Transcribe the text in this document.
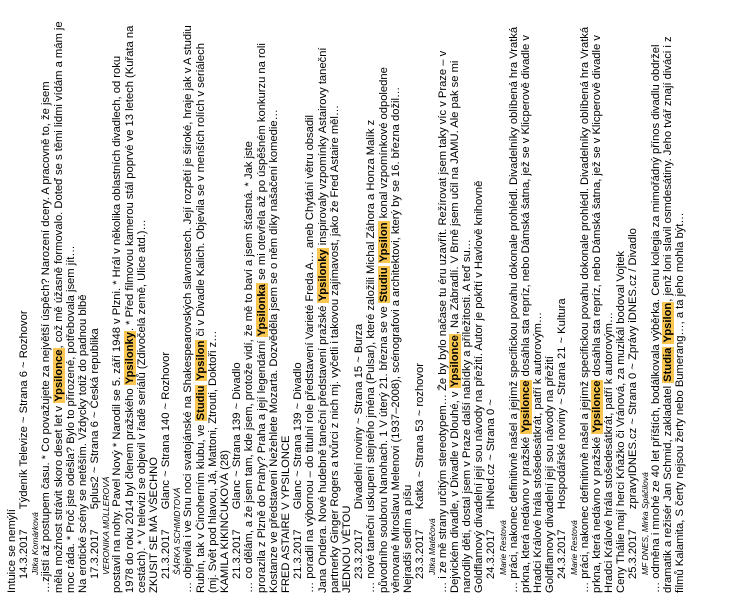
Intuice se nemýlí 14.3.2017
Týdeník Televize ~ Strana 6 ~ Rozhovor
Jitka Komárková …zjistí až postupem času. * Co považujete za největší úspěch? Narození dcery. A pracovně to, že jsem měla možnost strávit skoro deset let v Ypsiloncе, což mě úžasně formovalo. Doteď se s těmi lidmi vídám a mám je
moc ráda. * Proč jste odešla? Bylo to přirozené, potřebovala jsem jít… Na erotické scény se netěším. Vždycky totiž do padnou blbě 17.3.2017
5plus2 ~ Strana 6 ~ Česká republika
VERONIKA MÜLLEROVÁ postavil na nohy. Pavel Nový * Narodil se 5. září 1948 v Plzni. * Hrál v několika oblastních divadlech, od roku 1978 do roku 2014 byl členem pražského Ypsilonky. * Před filmovou kamerou stál poprvé ve 13 letech (Kuřata na
cestách). * V televizi se objevil v řadě seriálů (Zdivočelá země, Ulice atd.)… ZKUSIT SE MÁ VŠECHNO 21.3.2017
Glanc ~ Strana 140 ~ Rozhovor
ŠÁRKA SCHMIDTOVÁ … objevila i ve Snu noci svatojánské na Shakespearovských slavnostech. Její rozpětí je široké, hraje jak v A studiu Rubín, tak v Činoherním klubu, ve Studiu Ypsilon či v Divadle Kalich. Objevila se v menších rolích v seriálech
(mj. Svět pod hlavou, Já, Mattoni, Ztrouti, Doktoři z… KAMILA KIKINČUKOVÁ (28) 21.3.2017
Glanc ~ Strana 139 ~ Divadlo … co dělám, a že jsem tam, kde jsem, protože vidí, že mě to baví a jsem šťastná. * Jak jste prorazila z Plzně do Prahy? Praha a její legendární Ypsilonka se mi otevřela až po úspěšném konkurzu na roli Kostanze ve představení Nežehlete Mozarta. Dozvěděla jsem se o něm díky našačení komedie… FRED ASTAIRE V YPSILONCE 21.3.2017
Glanc ~ Strana 139 ~ Divadlo … poradil na výbornou – do titulní role představení Varieté Freda A… aneb Chytání větru obsadil Jana Ondera. Nové hudebně taneční představení pražské Ypsilonky inspirovaly vzpomínky Astairovy taneční partnerky Ginger Rogers a tvůrci z nich mj. vyčetli i takovou zajímavost, jako že Fred Astaire měl… JEDNOU VĚTOU 23.3.2017
Divadelní noviny ~ Strana 15 ~ Burza … nové taneční uskupení stejného jména (Pulsar), které založili Michal Záhora a Honza Malík z původního souboru Nanohach. 1 V úterý 21. března se ve Studiu Ypsilon konal vzpomínkové odpoledne věnované Miroslavu Melenovi (1937–2008), scénografovi a architektovi, který by se 16. března dožil… Nejradši sedím a píšu 23.3.2017
Katka ~ Strana 53 ~ rozhovor
Jitka Matěčová … i ze mě strany určitým stereotypem… Že by bylo načase tu éru uzavřít. Režírovat jsem taky víc v Praze – v Dejvickém divadle, v Divadle v Dlouhé, v Ypsilonce, Na Zábradlí. V Brně jsem učil na JAMU. Ale pak se mi
narodily děti, dostal jsem v Praze další nabídky a příležitosti. A teď su… Goldflamový divadelní její sou návody na přežití. Autor je pokřtí v Havlově knihovně 24.3.2017
iHNed.cz ~ Strana 0 ~
Marie Restová … práci, nakonec definitivně našel a jejímž specifickou povahu dokonale prohlédl. Divadelníky oblíbená hra Vratká prkna, která nedávno v pražské Ypsilonce dosáhla sta repríz, nebo Dámská šatna, jež se v Klicperově divadle v
Hradci Králové hrála stošedesátkrát, patří k autorovým… Goldflamovy divadelní její sou návody na přežití 24.3.2017
Hospodářské noviny ~ Strana 21 ~ Kultura
Marie Restová … práci, nakonec definitivně našel a jejímž specifickou povahu dokonale prohlédl. Divadelníky oblíbená hra Vratká prkna, která nedávno v pražské Ypsilonce dosáhla sta repríz, nebo Dámská šatna, jež se v Klicperově divadle v
Hradci Králové hrála stošedesátkrát, patří k autorovým… Ceny Thálie mají herci Kňažko či Vránová, za muzikál bodoval Vojtek 25.3.2017
zpravyIDNES.cz ~ Strana 0 ~ Zprávy iDNES.cz / Divadlo
MF DNES, Mirka Spáčilová … odměna i mnohé ze 40 let příštích, bodálkovala výběrka. Cenu kolegia za mimořádný přínos divadlu obdržel dramatik a režisér Jan Schmid, zakladatel Studia Ypsilon, jenž loni slavil osmdesátiny. Jeho tvář znají diváci i z
filmů Kalamita, S čerty nejsou žerty nebo Bumerang…, a ta jeho mohla být…
